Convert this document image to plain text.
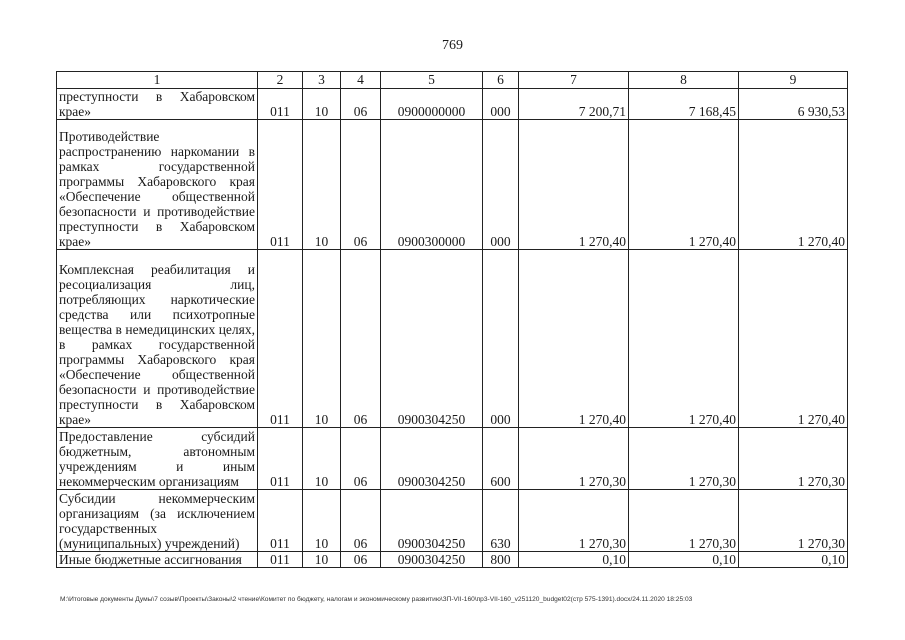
769
1	2	3	4	5	6	7	8	9
преступности в Хабаровском крае»	011	10	06	0900000000	000	7 200,71	7 168,45	6 930,53
Противодействие распространению наркомании в рамках государственной программы Хабаровского края «Обеспечение общественной безопасности и противодействие преступности в Хабаровском крае»	011	10	06	0900300000	000	1 270,40	1 270,40	1 270,40
Комплексная реабилитация и ресоциализация лиц, потребляющих наркотические средства или психотропные вещества в немедицинских целях, в рамках государственной программы Хабаровского края «Обеспечение общественной безопасности и противодействие преступности в Хабаровском крае»	011	10	06	0900304250	000	1 270,40	1 270,40	1 270,40
Предоставление субсидий бюджетным, автономным учреждениям и иным некоммерческим организациям	011	10	06	0900304250	600	1 270,30	1 270,30	1 270,30
Субсидии некоммерческим организациям (за исключением государственных (муниципальных) учреждений)	011	10	06	0900304250	630	1 270,30	1 270,30	1 270,30
Иные бюджетные ассигнования	011	10	06	0900304250	800	0,10	0,10	0,10
M:\Итоговые документы Думы\7 созыв\Проекты\Законы\2 чтение\Комитет по бюджету, налогам и экономическому развитию\ЗП-VII-160\пр3-VII-160_v251120_budget02(стр 575-1391).docx/24.11.2020 18:25:03
